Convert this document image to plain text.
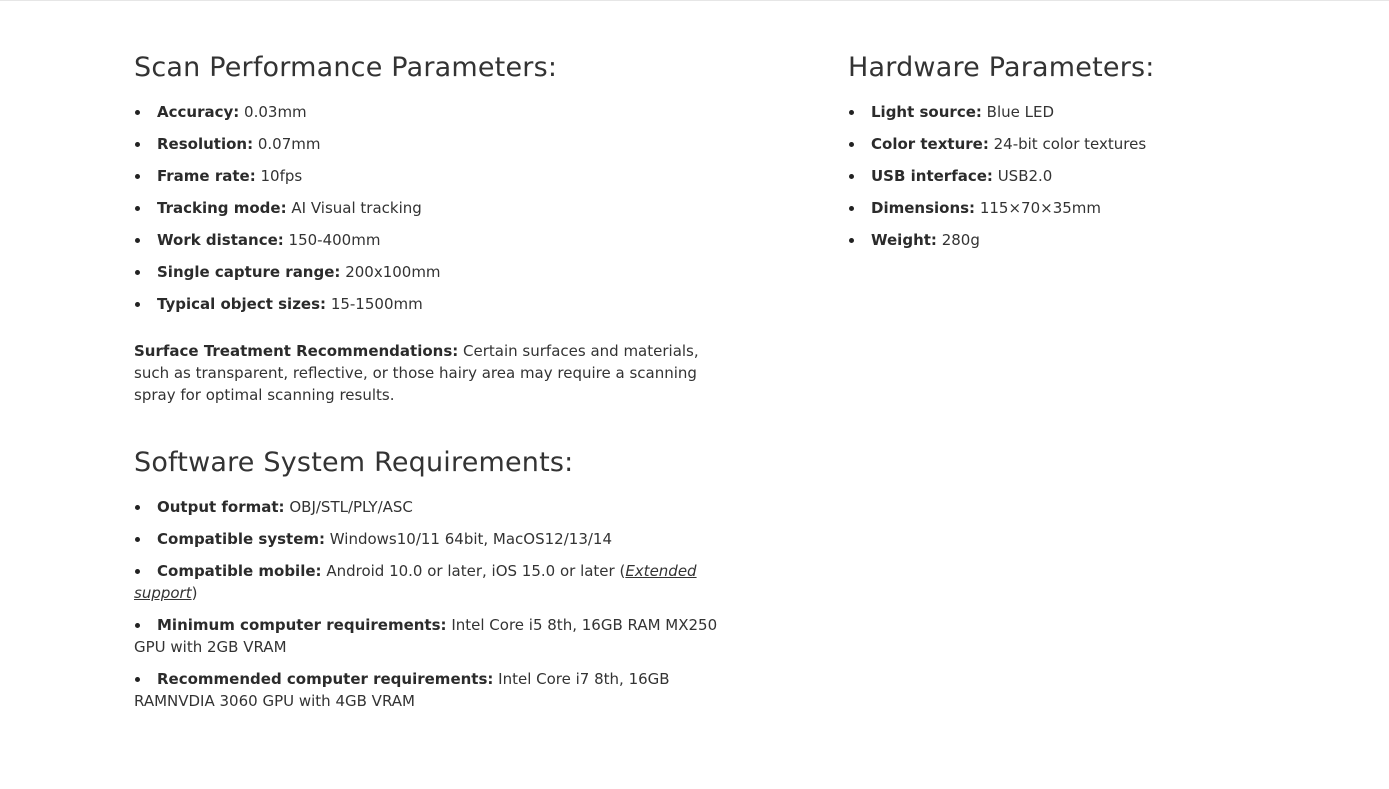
Scan Performance Parameters:
Accuracy: 0.03mm
Resolution: 0.07mm
Frame rate: 10fps
Tracking mode: AI Visual tracking
Work distance: 150-400mm
Single capture range: 200x100mm
Typical object sizes: 15-1500mm

Surface Treatment Recommendations: Certain surfaces and materials, such as transparent, reflective, or those hairy area may require a scanning spray for optimal scanning results.

Software System Requirements:
Output format: OBJ/STL/PLY/ASC
Compatible system: Windows10/11 64bit, MacOS12/13/14
Compatible mobile: Android 10.0 or later, iOS 15.0 or later (Extended support)
Minimum computer requirements: Intel Core i5 8th, 16GB RAM MX250 GPU with 2GB VRAM
Recommended computer requirements: Intel Core i7 8th, 16GB RAMNVDIA 3060 GPU with 4GB VRAM
Hardware Parameters:
Light source: Blue LED
Color texture: 24-bit color textures
USB interface: USB2.0
Dimensions: 115×70×35mm
Weight: 280g
